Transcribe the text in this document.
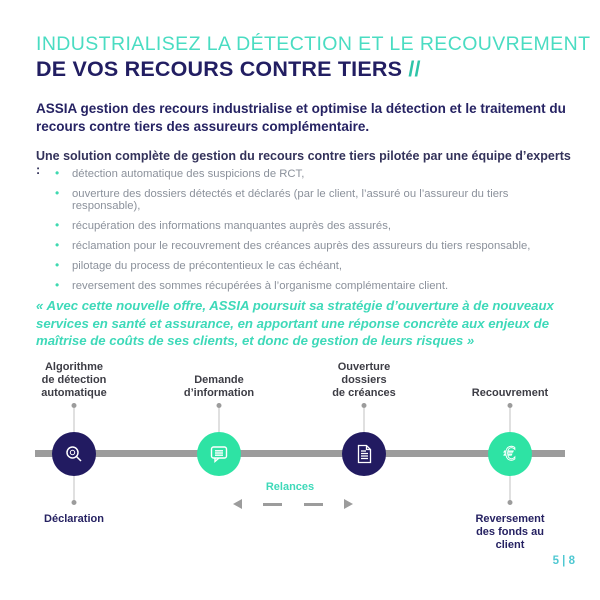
INDUSTRIALISEZ LA DÉTECTION ET LE RECOUVREMENT
DE VOS RECOURS CONTRE TIERS //

ASSIA gestion des recours industrialise et optimise la détection et le traitement du recours contre tiers des assureurs complémentaire.

Une solution complète de gestion du recours contre tiers pilotée par une équipe d’experts :	• détection automatique des suspicions de RCT,
• ouverture des dossiers détectés et déclarés (par le client, l’assuré ou l’assureur du tiers responsable),
• récupération des informations manquantes auprès des assurés,
• réclamation pour le recouvrement des créances auprès des assureurs du tiers responsable,
• pilotage du process de précontentieux le cas échéant,
• reversement des sommes récupérées à l’organisme complémentaire client.

« Avec cette nouvelle offre, ASSIA poursuit sa stratégie d’ouverture à de nouveaux services en santé et assurance, en apportant une réponse concrète aux enjeux de maîtrise de coûts de ses clients, et donc de gestion de leurs risques »

Algorithme
de détection
automatique
Demande
d’information
Ouverture
dossiers
de créances	Recouvrement
€
Relances
Déclaration	Reversement
des fonds au client
5 | 8
